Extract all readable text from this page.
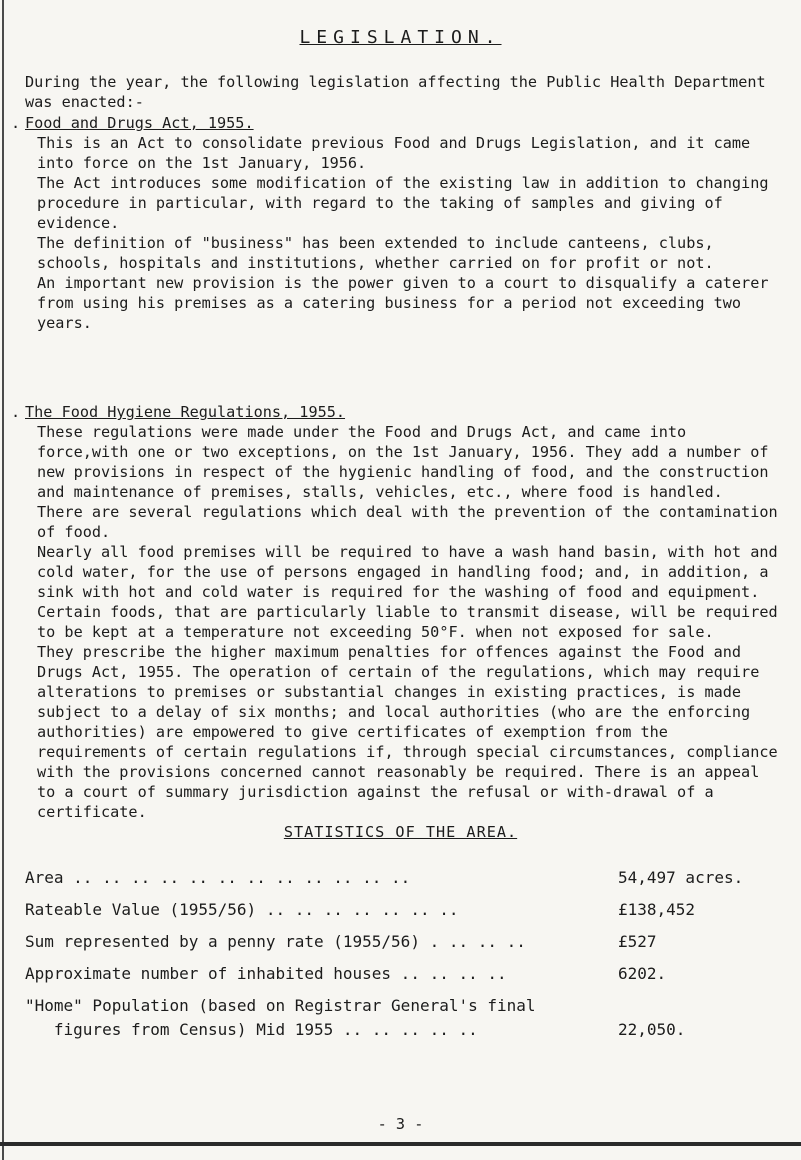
LEGISLATION.
During the year, the following legislation affecting the Public Health Department was enacted:-
. Food and Drugs Act, 1955.
This is an Act to consolidate previous Food and Drugs Legislation, and it came into force on the 1st January, 1956.
The Act introduces some modification of the existing law in addition to changing procedure in particular, with regard to the taking of samples and giving of evidence.
The definition of "business" has been extended to include canteens, clubs, schools, hospitals and institutions, whether carried on for profit or not.
An important new provision is the power given to a court to disqualify a caterer from using his premises as a catering business for a period not exceeding two years.
. The Food Hygiene Regulations, 1955.
These regulations were made under the Food and Drugs Act, and came into force,with one or two exceptions, on the 1st January, 1956. They add a number of new provisions in respect of the hygienic handling of food, and the construction and maintenance of premises, stalls, vehicles, etc., where food is handled.
There are several regulations which deal with the prevention of the contamination of food.
Nearly all food premises will be required to have a wash hand basin, with hot and cold water, for the use of persons engaged in handling food; and, in addition, a sink with hot and cold water is required for the washing of food and equipment.
Certain foods, that are particularly liable to transmit disease, will be required to be kept at a temperature not exceeding 50°F. when not exposed for sale.
They prescribe the higher maximum penalties for offences against the Food and Drugs Act, 1955. The operation of certain of the regulations, which may require alterations to premises or substantial changes in existing practices, is made subject to a delay of six months; and local authorities (who are the enforcing authorities) are empowered to give certificates of exemption from the requirements of certain regulations if, through special circumstances, compliance with the provisions concerned cannot reasonably be required. There is an appeal to a court of summary jurisdiction against the refusal or with-drawal of a certificate.
STATISTICS OF THE AREA.
Area .. .. .. .. .. .. .. .. .. .. .. ..	54,497 acres.
Rateable Value (1955/56) .. .. .. .. .. .. ..	£138,452
Sum represented by a penny rate (1955/56) . .. .. ..	£527
Approximate number of inhabited houses .. .. .. ..	6202.
"Home" Population (based on Registrar General's final
figures from Census) Mid 1955 .. .. .. .. ..	22,050.
- 3 -
